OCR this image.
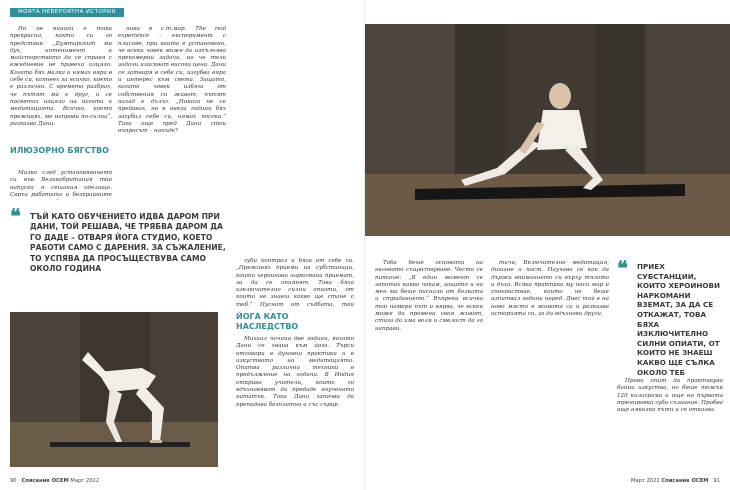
МOЯТА НЕВЕРОЯТНА ИСТОРИЯ

Но не винаги е така прекрасно, както си го представя. „Бумтарскит ми дух, интенимент и майсторството да се справя с ежедневие не правеха изцяло. Когато бях малка и нямах вяра в себе си, копнеех за всичко, което е различно. С времето разбрах, че пътят ми е друг, и се посветих изцяло на йогата и медитацията. Всичко, което преживях, ме направи по-силна“, разказва Дани.

ИЛЮЗОРНО БЯГСТВО

Малко след установяването си във Великобритания той напуска я сешания оделаще. Свръх работата и безкрайните

нива в с.т.мар. The real experience – експеримент с плисове, при които е установено, че всеки човек може да изпълнява прекомерни задачи, но че тези задачи изискват висока цена. Дани се затваря в себе си, изгубва вяра и интерес към света. Защото, когато човек избяга от собствения си живот, пътят назад е дълъг. „Никога не се предавах, но в онези години бях загубил себе си, нямах посока.“ Така още пред Дани стои въпросът – накъде?

❝ ТЪЙ КАТО ОБУЧЕНИЕТО ИДВА ДАРОМ ПРИ ДАНИ, ТОЙ РЕШАВА, ЧЕ ТРЯБВА ДАРОМ ДА ГО ДАДЕ – ОТВАРЯ ЙОГА СТУДИО, КОЕТО РАБОТИ САМО С ДАРЕНИЯ. ЗА СЪЖАЛЕНИЕ, ТО УСПЯВА ДА ПРОСЪЩЕСТВУВА САМО ОКОЛО ГОДИНА

губи контрол и бяга от себе си. „Преживях приеми на субстанции, които хероинови наркомани приемат, за да се опиянят. Това бяха изключително силни опиати, от които не знаеш какво ще стане с теб.“ Пуснат от съдбата, той

ЙОГА КАТО НАСЛЕДСТВО

Михаил почина две години, когато Дани се хвана към йога. Търси отговори в духовни практики и в изкуството на медитацията. Опитва различни техники в продължение на години. В Индия открива учители, които го вдъхновяват да предаде наученото нататък. Така Дани започва да преподава безплатно и със сърце.

90 Списание ОСЕМ Март 2022

Тоба беше основата на неговото съществуване. Често се питаше: „В един момент се запитах какво чакам, защото и на мен ми беше писнало от болката и страданието.“ Въпреки всичко той намери път и вярва, че всеки може да промени своя живот, стига да има воля и смелост да го направи.

тичи, Включително медитация, дишане и пост. Научава се как да държи вниманието си върху тялото и дъха. Всяка практика му носи мир и спокойствие, които не беше изпитвал години наред. Днес той е на ново място в живота си и разказва историята си, за да вдъхнови други.

❝ ПРИЕХ СУБСТАНЦИИ, КОИТО ХЕРОИНОВИ НАРКОМАНИ ВЗЕМАТ, ЗА ДА СЕ ОТКАЖАТ, ТОВА БЯХА ИЗКЛЮЧИТЕЛНО СИЛНИ ОПИАТИ, ОТ КОИТО НЕ ЗНАЕШ КАКВО ЩЕ СЪЛКА ОКОЛО ТЕБ

Прави опит да практикува бойни изкуства, но беше тежък 120 килограма и още на първата тренировка губи съзнание. Пробва още няколко пъти и се отказва.

Март 2022 Списание ОСЕМ 91
